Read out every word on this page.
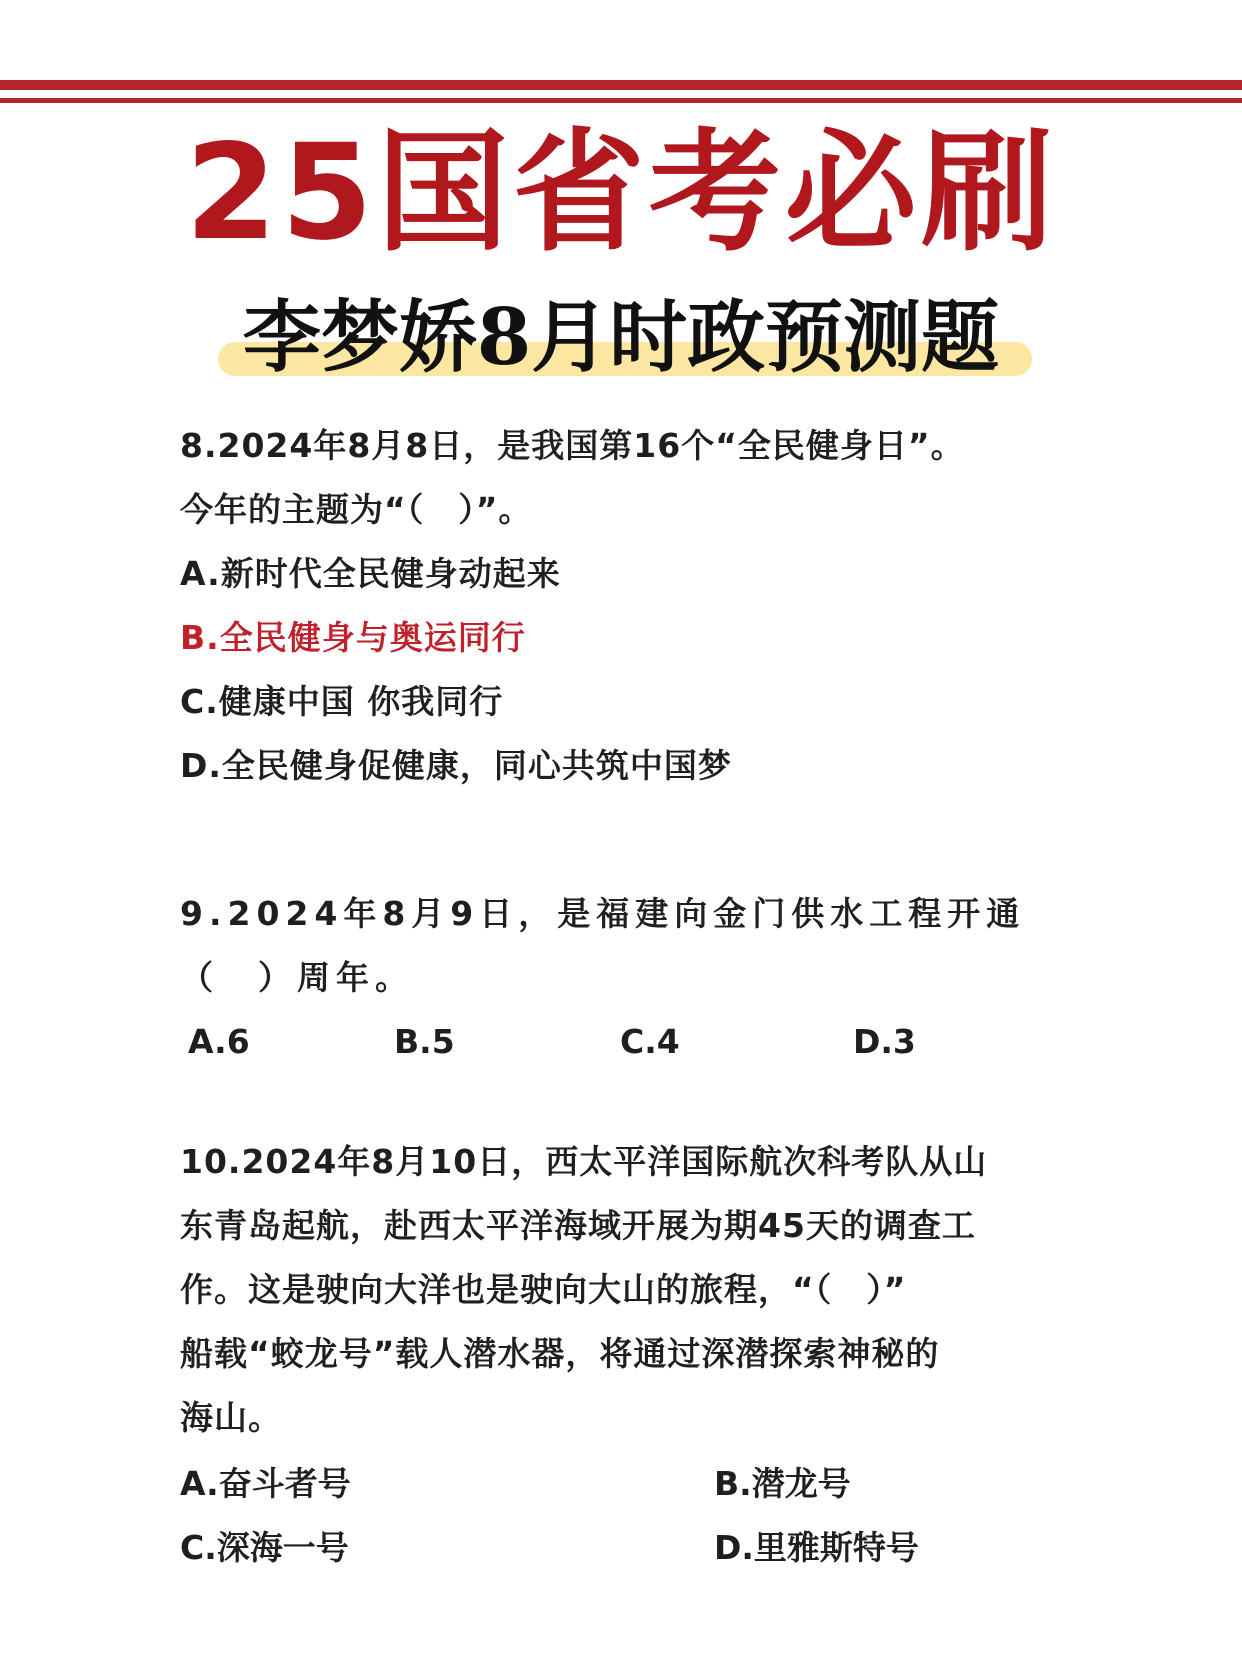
25国省考必刷
李梦娇8月时政预测题
8.2024年8月8日，是我国第16个“全民健身日”。
今年的主题为“（　）”。
A.新时代全民健身动起来
B.全民健身与奥运同行
C.健康中国 你我同行
D.全民健身促健康，同心共筑中国梦
9.2024年8月9日，是福建向金门供水工程开通
（　）周年。
A.6	B.5	C.4	D.3
10.2024年8月10日，西太平洋国际航次科考队从山
东青岛起航，赴西太平洋海域开展为期45天的调查工
作。这是驶向大洋也是驶向大山的旅程，“（　）”
船载“蛟龙号”载人潜水器，将通过深潜探索神秘的
海山。
A.奋斗者号	B.潜龙号
C.深海一号	D.里雅斯特号
